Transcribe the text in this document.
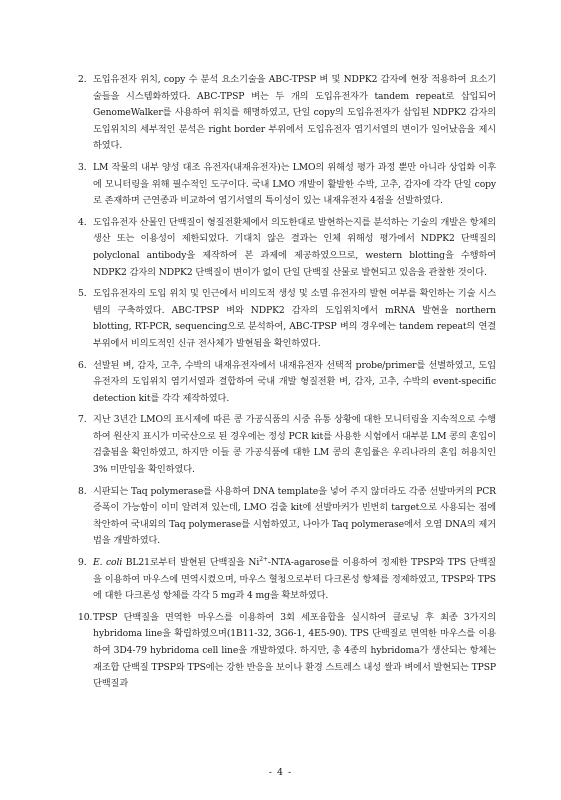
2. 도입유전자 위치, copy 수 분석 요소기술을 ABC-TPSP 벼 및 NDPK2 감자에 현장 적용하여 요소기술들을 시스템화하였다. ABC-TPSP 벼는 두 개의 도입유전자가 tandem repeat로 삽입되어 GenomeWalker를 사용하여 위치를 해명하였고, 단일 copy의 도입유전자가 삽입된 NDPK2 감자의 도입위치의 세부적인 분석은 right border 부위에서 도입유전자 염기서열의 변이가 일어났음을 제시하였다.
3. LM 작물의 내부 양성 대조 유전자(내재유전자)는 LMO의 위해성 평가 과정 뿐만 아니라 상업화 이후에 모니터링을 위해 필수적인 도구이다. 국내 LMO 개발이 활발한 수박, 고추, 감자에 각각 단일 copy로 존재하며 근연종과 비교하여 염기서열의 특이성이 있는 내재유전자 4점을 선발하였다.
4. 도입유전자 산물인 단백질이 형질전환체에서 의도한대로 발현하는지를 분석하는 기술의 개발은 항체의 생산 또는 이용성이 제한되었다. 기대치 않은 결과는 인체 위해성 평가에서 NDPK2 단백질의 polyclonal antibody을 제작하여 본 과제에 제공하였으므로, western blotting을 수행하여 NDPK2 감자의 NDPK2 단백질이 변이가 없이 단일 단백질 산물로 발현되고 있음을 관찰한 것이다.
5. 도입유전자의 도입 위치 및 인근에서 비의도적 생성 및 소멸 유전자의 발현 여부를 확인하는 기술 시스템의 구축하였다. ABC-TPSP 벼와 NDPK2 감자의 도입위치에서 mRNA 발현을 northern blotting, RT-PCR, sequencing으로 분석하여, ABC-TPSP 벼의 경우에는 tandem repeat의 연결부위에서 비의도적인 신규 전사체가 발현됨을 확인하였다.
6. 선발된 벼, 감자, 고추, 수박의 내재유전자에서 내재유전자 선택적 probe/primer를 선별하였고, 도입유전자의 도입위치 염기서열과 결합하여 국내 개발 형질전환 벼, 감자, 고추, 수박의 event-specific detection kit를 각각 제작하였다.
7. 지난 3년간 LMO의 표시제에 따른 콩 가공식품의 시중 유통 상황에 대한 모니터링을 지속적으로 수행하여 원산지 표시가 미국산으로 된 경우에는 정성 PCR kit를 사용한 시험에서 대부분 LM 콩의 혼입이 검출됨을 확인하였고, 하지만 이들 콩 가공식품에 대한 LM 콩의 혼입률은 우리나라의 혼입 허용치인 3% 미만임을 확인하였다.
8. 시판되는 Taq polymerase를 사용하여 DNA template을 넣어 주지 않더라도 각종 선발마커의 PCR 증폭이 가능함이 이미 알려져 있는데, LMO 검출 kit에 선발마커가 빈번히 target으로 사용되는 점에 착안하여 국내외의 Taq polymerase를 시험하였고, 나아가 Taq polymerase에서 오염 DNA의 제거법을 개발하였다.
9. E. coli BL21로부터 발현된 단백질을 $Ni^{2+}-NTA$-agarose를 이용하여 정제한 TPSP와 TPS 단백질을 이용하여 마우스에 면역시켰으며, 마우스 혈청으로부터 다크론성 항체를 정제하였고, TPSP와 TPS에 대한 다크론성 항체를 각각 5 mg과 4 mg을 확보하였다.
10. TPSP 단백질을 면역한 마우스를 이용하여 3회 세포융합을 실시하여 클로닝 후 최종 3가지의 hybridoma line을 확립하였으며(1B11-32, 3G6-1, 4E5-90). TPS 단백질로 면역한 마우스를 이용하여 3D4-79 hybridoma cell line을 개발하였다. 하지만, 총 4종의 hybridoma가 생산되는 항체는 재조합 단백질 TPSP와 TPS에는 강한 반응을 보이나 환경 스트레스 내성 쌀과 벼에서 발현되는 TPSP 단백질과
- 4 -
